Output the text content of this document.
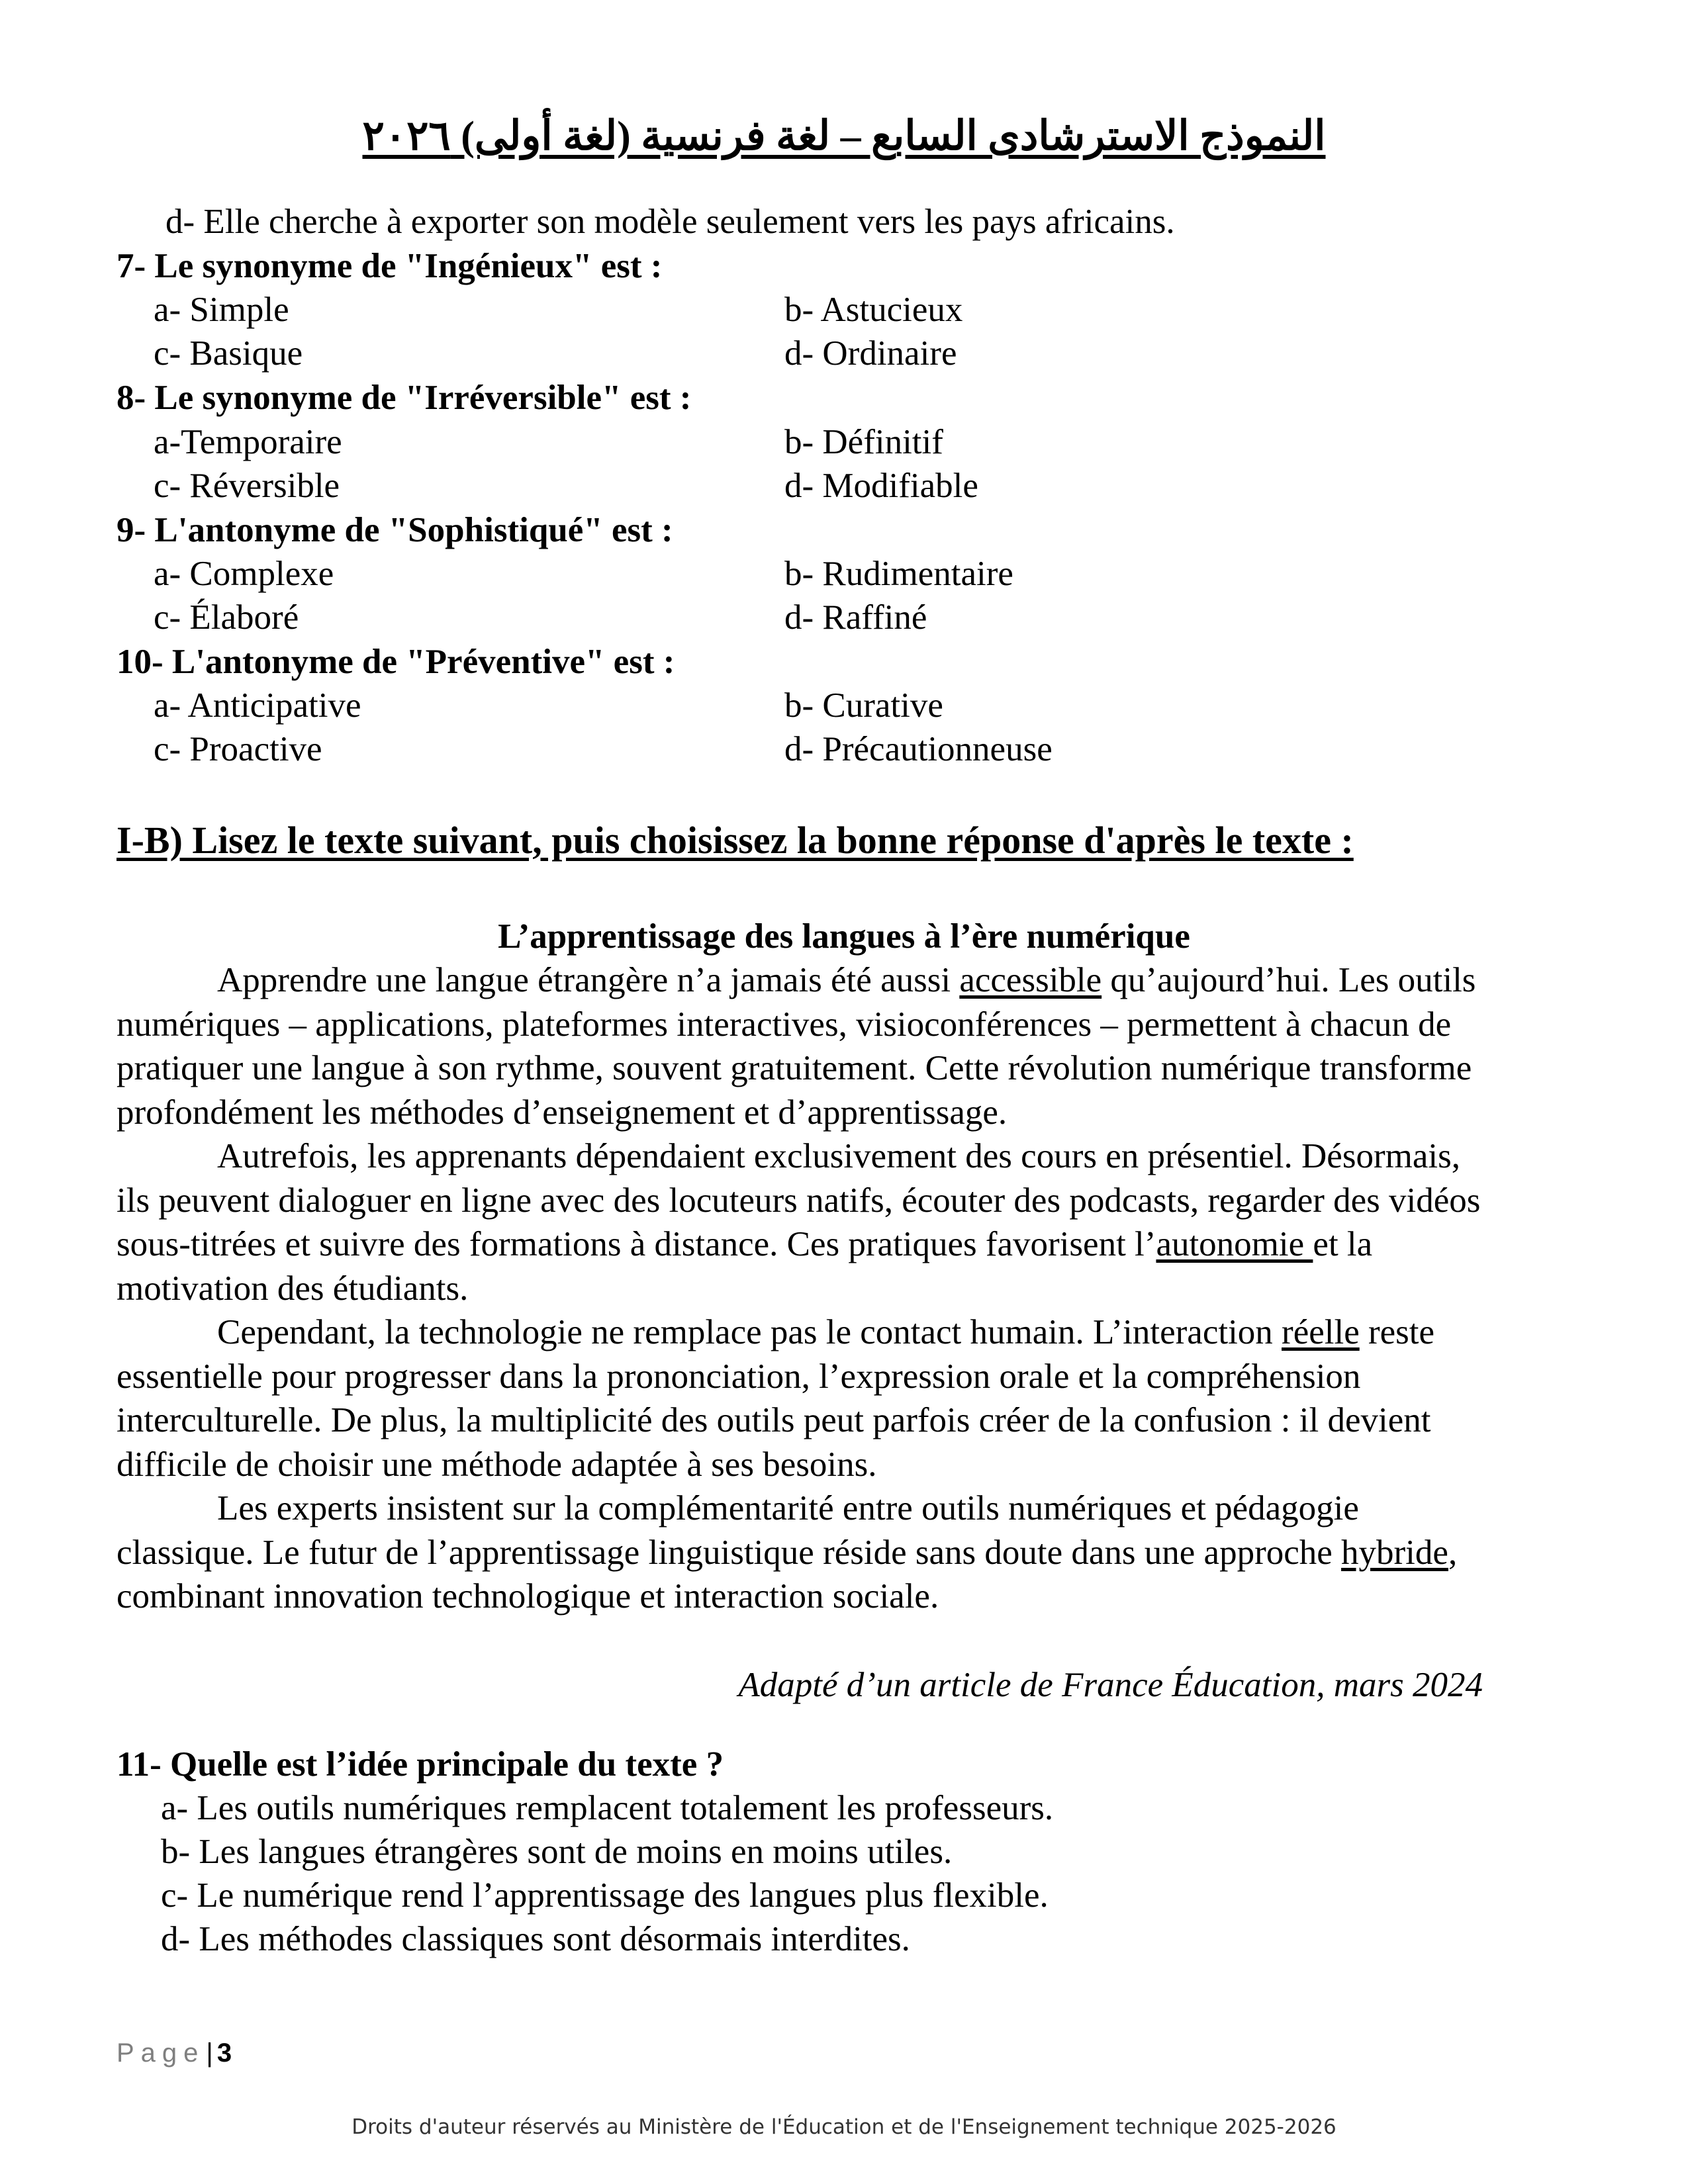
النموذج الاسترشادى السابع – لغة فرنسية (لغة أولى) ٢٠٢٦
d- Elle cherche à exporter son modèle seulement vers les pays africains.
7- Le synonyme de "Ingénieux" est :
a- Simple	b- Astucieux
c- Basique	d- Ordinaire
8- Le synonyme de "Irréversible" est :
a-Temporaire	b- Définitif
c- Réversible	d- Modifiable
9- L'antonyme de "Sophistiqué" est :
a- Complexe	b- Rudimentaire
c- Élaboré	d- Raffiné
10- L'antonyme de "Préventive" est :
a- Anticipative	b- Curative
c- Proactive	d- Précautionneuse
I-B) Lisez le texte suivant, puis choisissez la bonne réponse d'après le texte :
L’apprentissage des langues à l’ère numérique

Apprendre une langue étrangère n’a jamais été aussi accessible qu’aujourd’hui. Les outils numériques – applications, plateformes interactives, visioconférences – permettent à chacun de pratiquer une langue à son rythme, souvent gratuitement. Cette révolution numérique transforme profondément les méthodes d’enseignement et d’apprentissage.

Autrefois, les apprenants dépendaient exclusivement des cours en présentiel. Désormais, ils peuvent dialoguer en ligne avec des locuteurs natifs, écouter des podcasts, regarder des vidéos sous-titrées et suivre des formations à distance. Ces pratiques favorisent l’autonomie et la motivation des étudiants.

Cependant, la technologie ne remplace pas le contact humain. L’interaction réelle reste essentielle pour progresser dans la prononciation, l’expression orale et la compréhension interculturelle. De plus, la multiplicité des outils peut parfois créer de la confusion : il devient difficile de choisir une méthode adaptée à ses besoins.

Les experts insistent sur la complémentarité entre outils numériques et pédagogie classique. Le futur de l’apprentissage linguistique réside sans doute dans une approche hybride, combinant innovation technologique et interaction sociale.

Adapté d’un article de France Éducation, mars 2024
11- Quelle est l’idée principale du texte ?
a- Les outils numériques remplacent totalement les professeurs.
b- Les langues étrangères sont de moins en moins utiles.
c- Le numérique rend l’apprentissage des langues plus flexible.
d- Les méthodes classiques sont désormais interdites.
Page| 3
Droits d'auteur réservés au Ministère de l'Éducation et de l'Enseignement technique 2025-2026
